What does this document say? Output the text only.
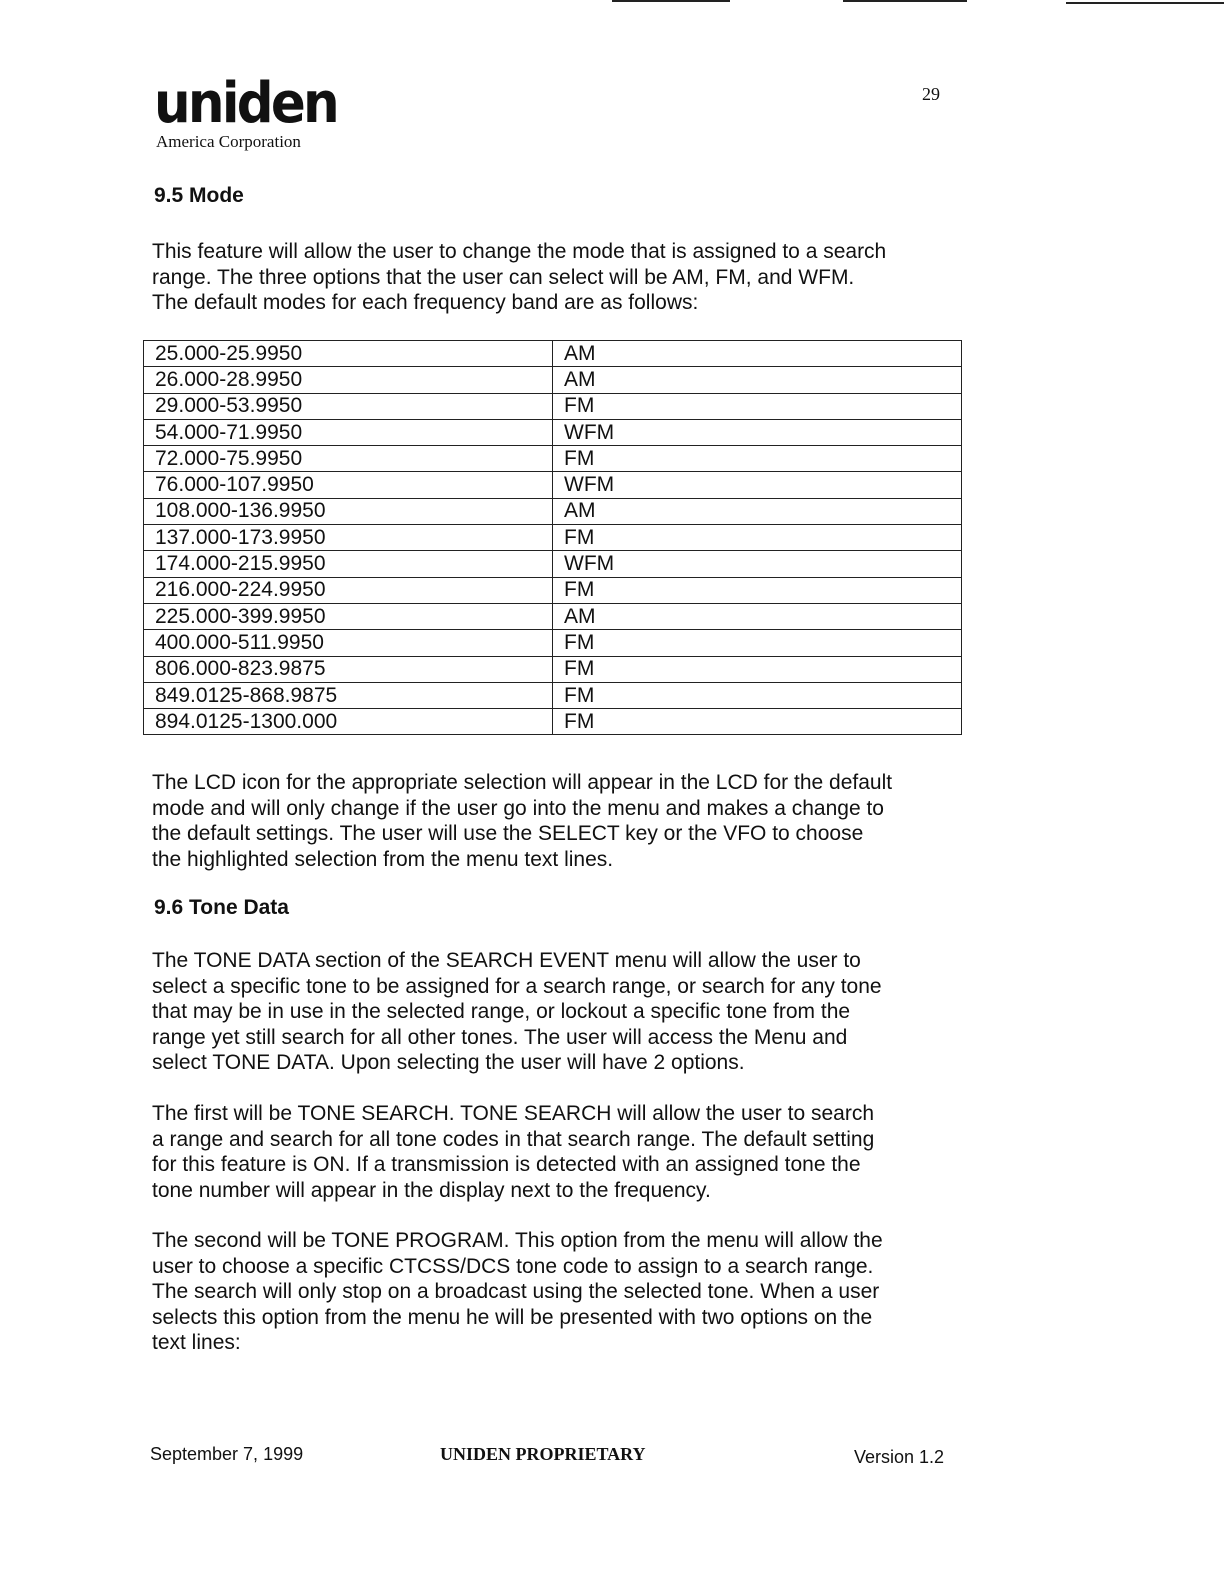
uniden
America Corporation
29
9.5 Mode
This feature will allow the user to change the mode that is assigned to a search
range. The three options that the user can select will be AM, FM, and WFM.
The default modes for each frequency band are as follows:
25.000-25.9950	AM
26.000-28.9950	AM
29.000-53.9950	FM
54.000-71.9950	WFM
72.000-75.9950	FM
76.000-107.9950	WFM
108.000-136.9950	AM
137.000-173.9950	FM
174.000-215.9950	WFM
216.000-224.9950	FM
225.000-399.9950	AM
400.000-511.9950	FM
806.000-823.9875	FM
849.0125-868.9875	FM
894.0125-1300.000	FM
The LCD icon for the appropriate selection will appear in the LCD for the default
mode and will only change if the user go into the menu and makes a change to
the default settings. The user will use the SELECT key or the VFO to choose
the highlighted selection from the menu text lines.
9.6 Tone Data
The TONE DATA section of the SEARCH EVENT menu will allow the user to
select a specific tone to be assigned for a search range, or search for any tone
that may be in use in the selected range, or lockout a specific tone from the
range yet still search for all other tones. The user will access the Menu and
select TONE DATA. Upon selecting the user will have 2 options.
The first will be TONE SEARCH. TONE SEARCH will allow the user to search
a range and search for all tone codes in that search range. The default setting
for this feature is ON. If a transmission is detected with an assigned tone the
tone number will appear in the display next to the frequency.
The second will be TONE PROGRAM. This option from the menu will allow the
user to choose a specific CTCSS/DCS tone code to assign to a search range.
The search will only stop on a broadcast using the selected tone. When a user
selects this option from the menu he will be presented with two options on the
text lines:
September 7, 1999	UNIDEN PROPRIETARY	Version 1.2
